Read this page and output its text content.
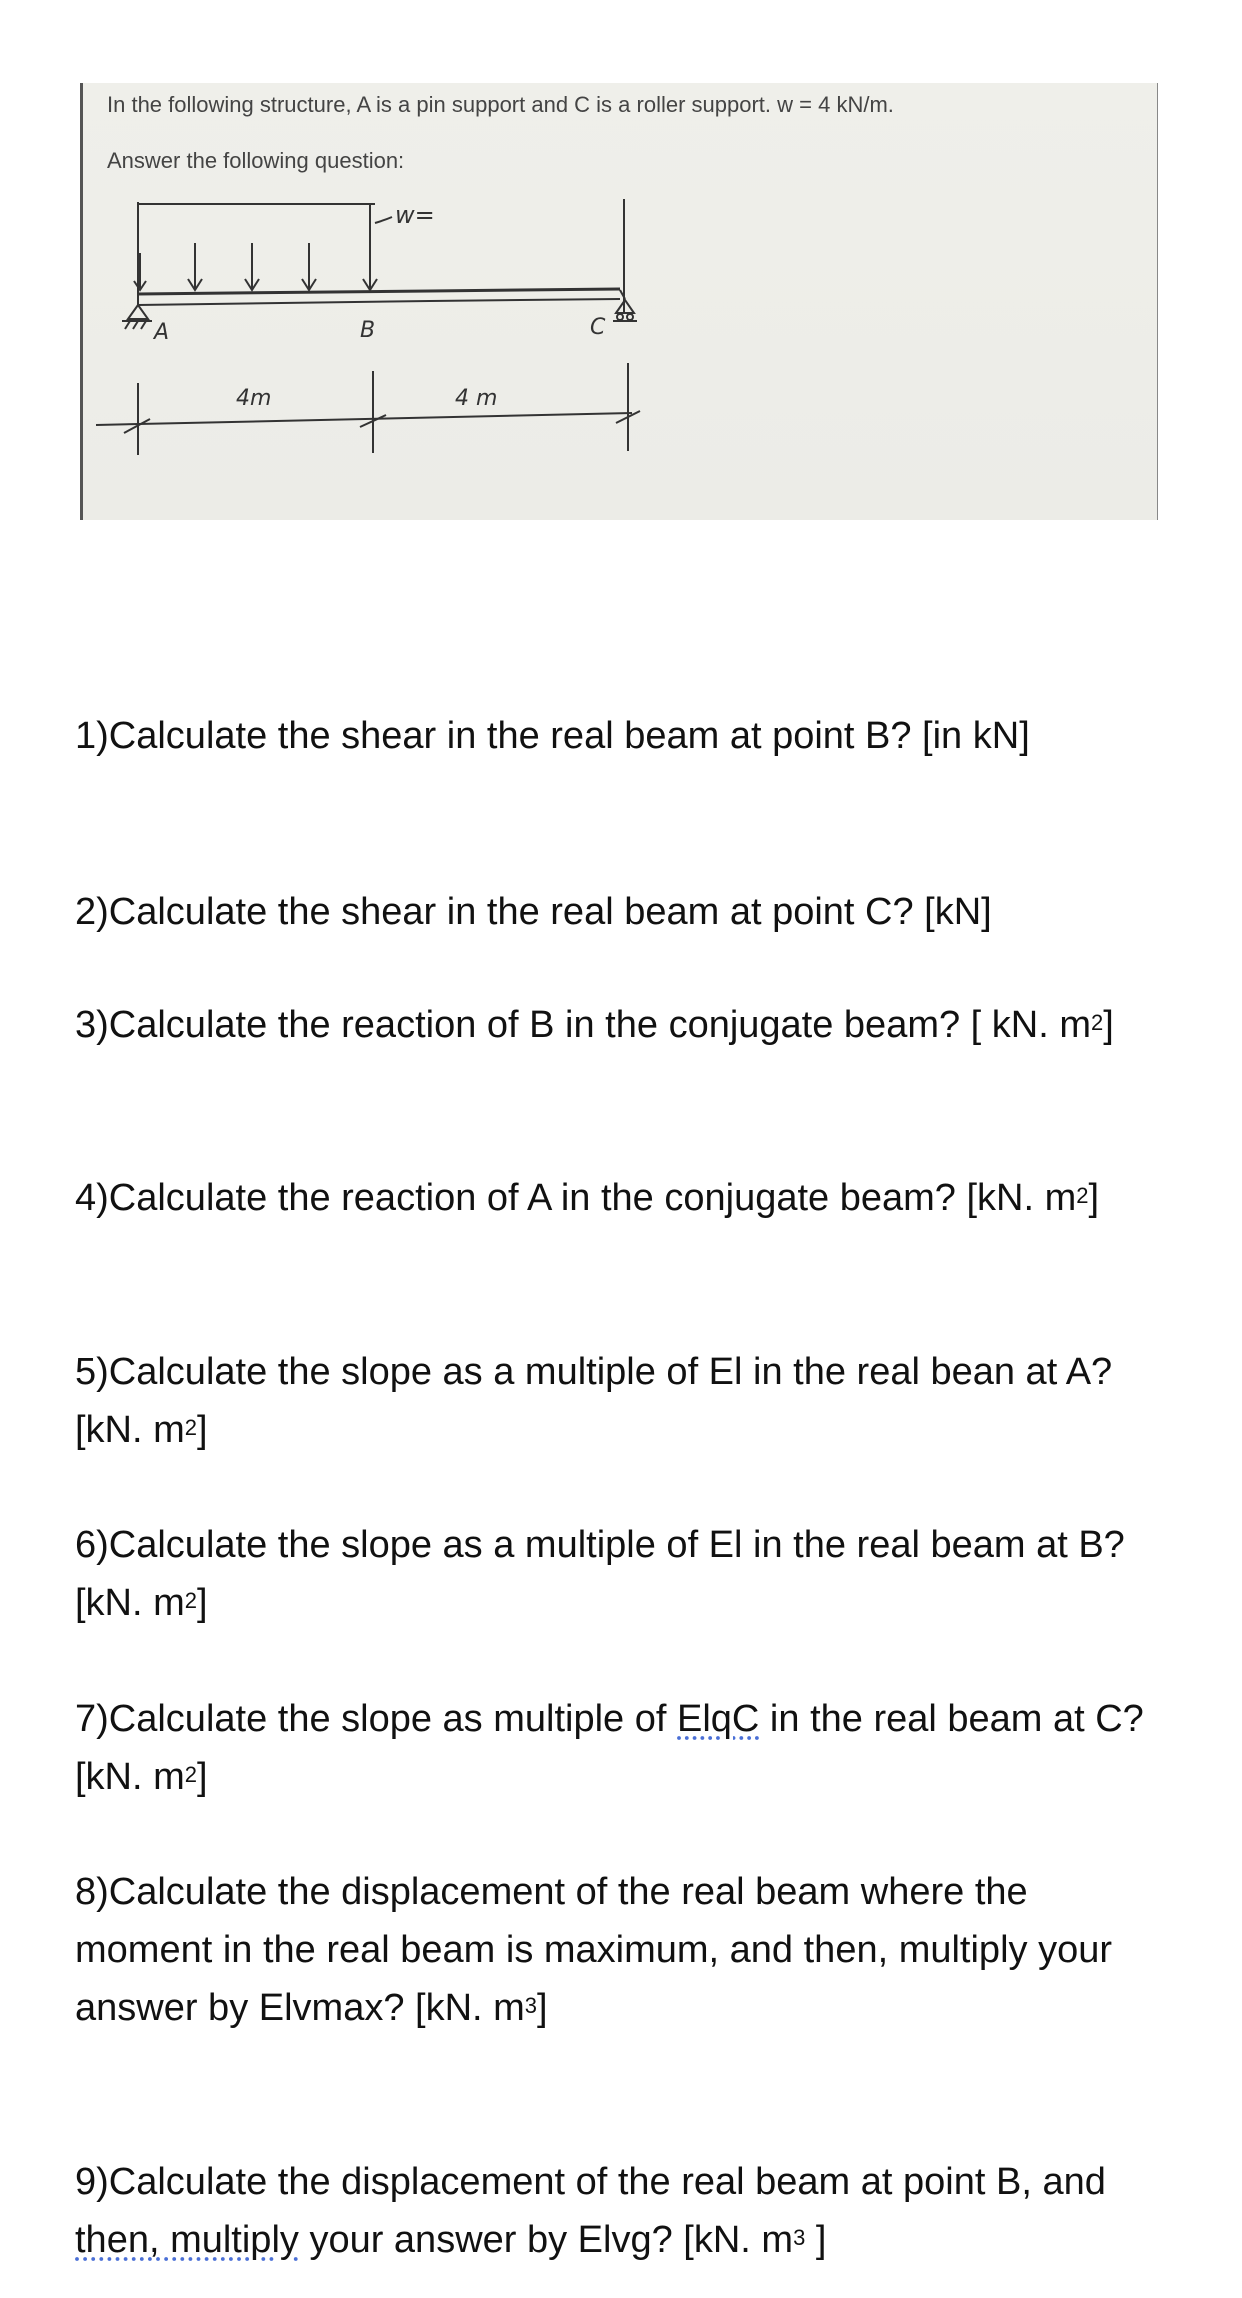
In the following structure, A is a pin support and C is a roller support. w = 4 kN/m.
Answer the following question:
w=
A	B	C
4m	4 m
1)Calculate the shear in the real beam at point B? [in kN]
2)Calculate the shear in the real beam at point C? [kN]
3)Calculate the reaction of B in the conjugate beam? [ kN. $m^2$]
4)Calculate the reaction of A in the conjugate beam? [kN. $m^2$]
5)Calculate the slope as a multiple of El in the real bean at A? [kN. $m^2$]
6)Calculate the slope as a multiple of El in the real beam at B? [kN. $m^2$]
7)Calculate the slope as multiple of ElqC in the real beam at C? [kN. $m^2$]
8)Calculate the displacement of the real beam where the moment in the real beam is maximum, and then, multiply your answer by Elvmax? [kN. $m^3$]
9)Calculate the displacement of the real beam at point B, and then, multiply your answer by Elvg? [kN. $m^3$ ]
